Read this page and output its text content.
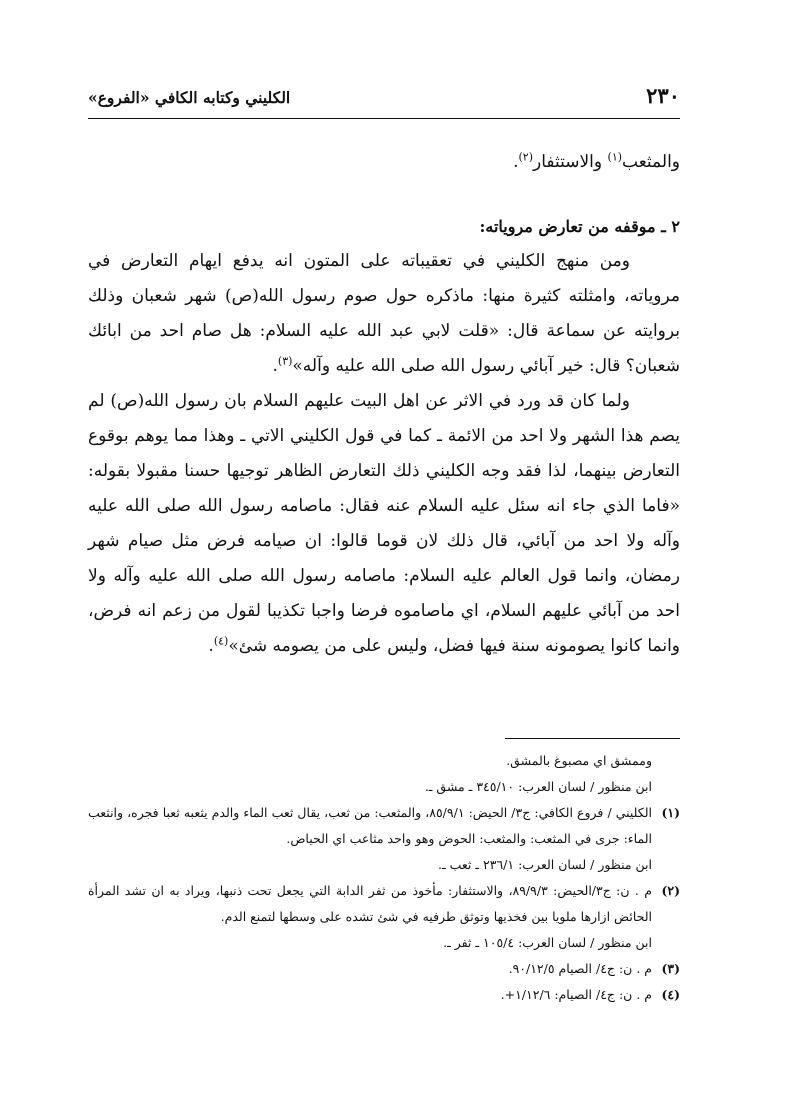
٢٣٠
الكليني وكتابه الكافي «الفروع»

والمثعب$^{(١)}$ والاستثفار$^{(٢)}$.

٢ ـ موقفه من تعارض مروياته:

ومن منهج الكليني في تعقيباته على المتون انه يدفع ايهام التعارض في مروياته، وامثلته كثيرة منها: ماذكره حول صوم رسول الله(ص) شهر شعبان وذلك بروايته عن سماعة قال: «قلت لابي عبد الله عليه السلام: هل صام احد من ابائك شعبان؟ قال: خير آبائي رسول الله صلى الله عليه وآله»$^{(٣)}$.

ولما كان قد ورد في الاثر عن اهل البيت عليهم السلام بان رسول الله(ص) لم يصم هذا الشهر ولا احد من الائمة ـ كما في قول الكليني الاتي ـ وهذا مما يوهم بوقوع التعارض بينهما، لذا فقد وجه الكليني ذلك التعارض الظاهر توجيها حسنا مقبولا بقوله: «فاما الذي جاء انه سئل عليه السلام عنه فقال: ماصامه رسول الله صلى الله عليه وآله ولا احد من آبائي، قال ذلك لان قوما قالوا: ان صيامه فرض مثل صيام شهر رمضان، وانما قول العالم عليه السلام: ماصامه رسول الله صلى الله عليه وآله ولا احد من آبائي عليهم السلام، اي ماصاموه فرضا واجبا تكذيبا لقول من زعم انه فرض، وانما كانوا يصومونه سنة فيها فضل، وليس على من يصومه شئ»$^{(٤)}$.

وممشق اي مصبوغ بالمشق.

ابن منظور / لسان العرب: ٣٤٥/١٠ ـ مشق ـ.

(١)

الكليني / فروع الكافي: ج٣/ الحيض: ٨٥/٩/١، والمثعب: من ثعب، يقال ثعب الماء والدم يثعبه ثعبا فجره، وانثعب الماء: جرى في المثعب: والمثعب: الحوض وهو واحد مثاعب اي الحياض.

ابن منظور / لسان العرب: ٢٣٦/١ ـ ثعب ـ.

(٢)

م . ن: ج٣/الحيض: ٨٩/٩/٣، والاستثفار: مأخوذ من ثفر الدابة التي يجعل تحت ذنبها، ويراد به ان تشد المرأة الحائض ازارها ملويا بين فخذيها وتوثق طرفيه في شئ تشده على وسطها لتمنع الدم.

ابن منظور / لسان العرب: ١٠٥/٤ ـ ثفر ـ.

(٣)

م . ن: ج٤/ الصيام ٩٠/١٢/٥.

(٤)

م . ن: ج٤/ الصيام: ١/١٢/٦+.
